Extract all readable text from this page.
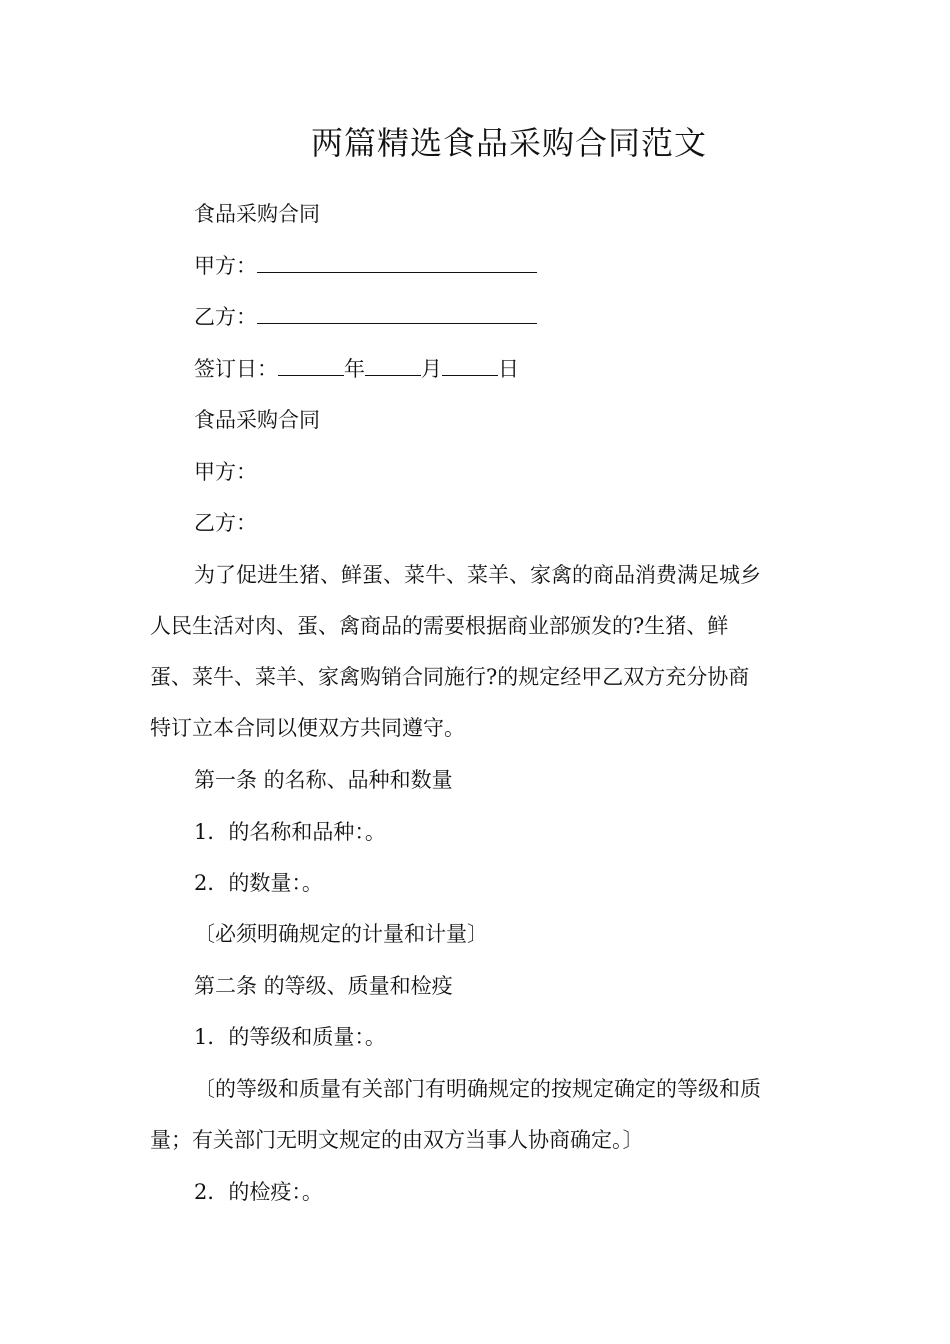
两篇精选食品采购合同范文
食品采购合同
甲方：
乙方：
签订日：	年	月	日
食品采购合同
甲方：
乙方：
为了促进生猪、鲜蛋、菜牛、菜羊、家禽的商品消费满足城乡
人民生活对肉、蛋、禽商品的需要根据商业部颁发的?生猪、鲜
蛋、菜牛、菜羊、家禽购销合同施行?的规定经甲乙双方充分协商
特订立本合同以便双方共同遵守。
第一条 的名称、品种和数量
1．的名称和品种：。
2．的数量：。
〔必须明确规定的计量和计量〕
第二条 的等级、质量和检疫
1．的等级和质量：。
〔的等级和质量有关部门有明确规定的按规定确定的等级和质
量；有关部门无明文规定的由双方当事人协商确定。〕
2．的检疫：。
